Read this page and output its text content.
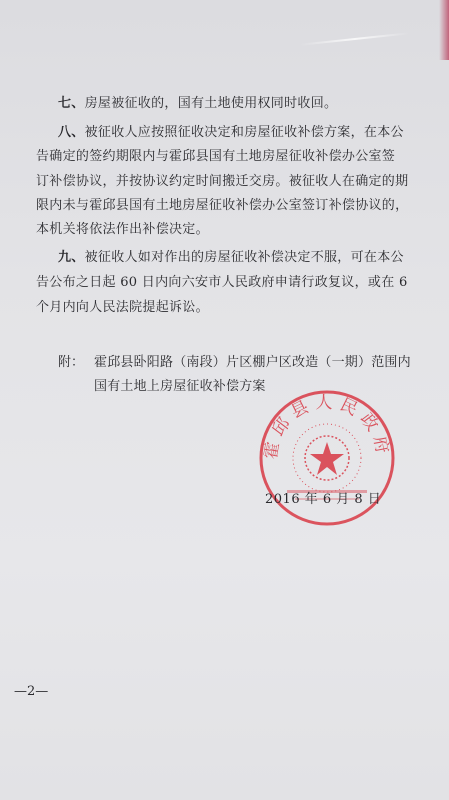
七、房屋被征收的，国有土地使用权同时收回。
八、被征收人应按照征收决定和房屋征收补偿方案，在本公
告确定的签约期限内与霍邱县国有土地房屋征收补偿办公室签
订补偿协议，并按协议约定时间搬迁交房。被征收人在确定的期
限内未与霍邱县国有土地房屋征收补偿办公室签订补偿协议的，
本机关将依法作出补偿决定。
九、被征收人如对作出的房屋征收补偿决定不服，可在本公
告公布之日起 60 日内向六安市人民政府申请行政复议，或在 6
个月内向人民法院提起诉讼。
附： 霍邱县卧阳路（南段）片区棚户区改造（一期）范围内
国有土地上房屋征收补偿方案
霍邱县人民政府
2016 年 6 月 8 日
—2—
